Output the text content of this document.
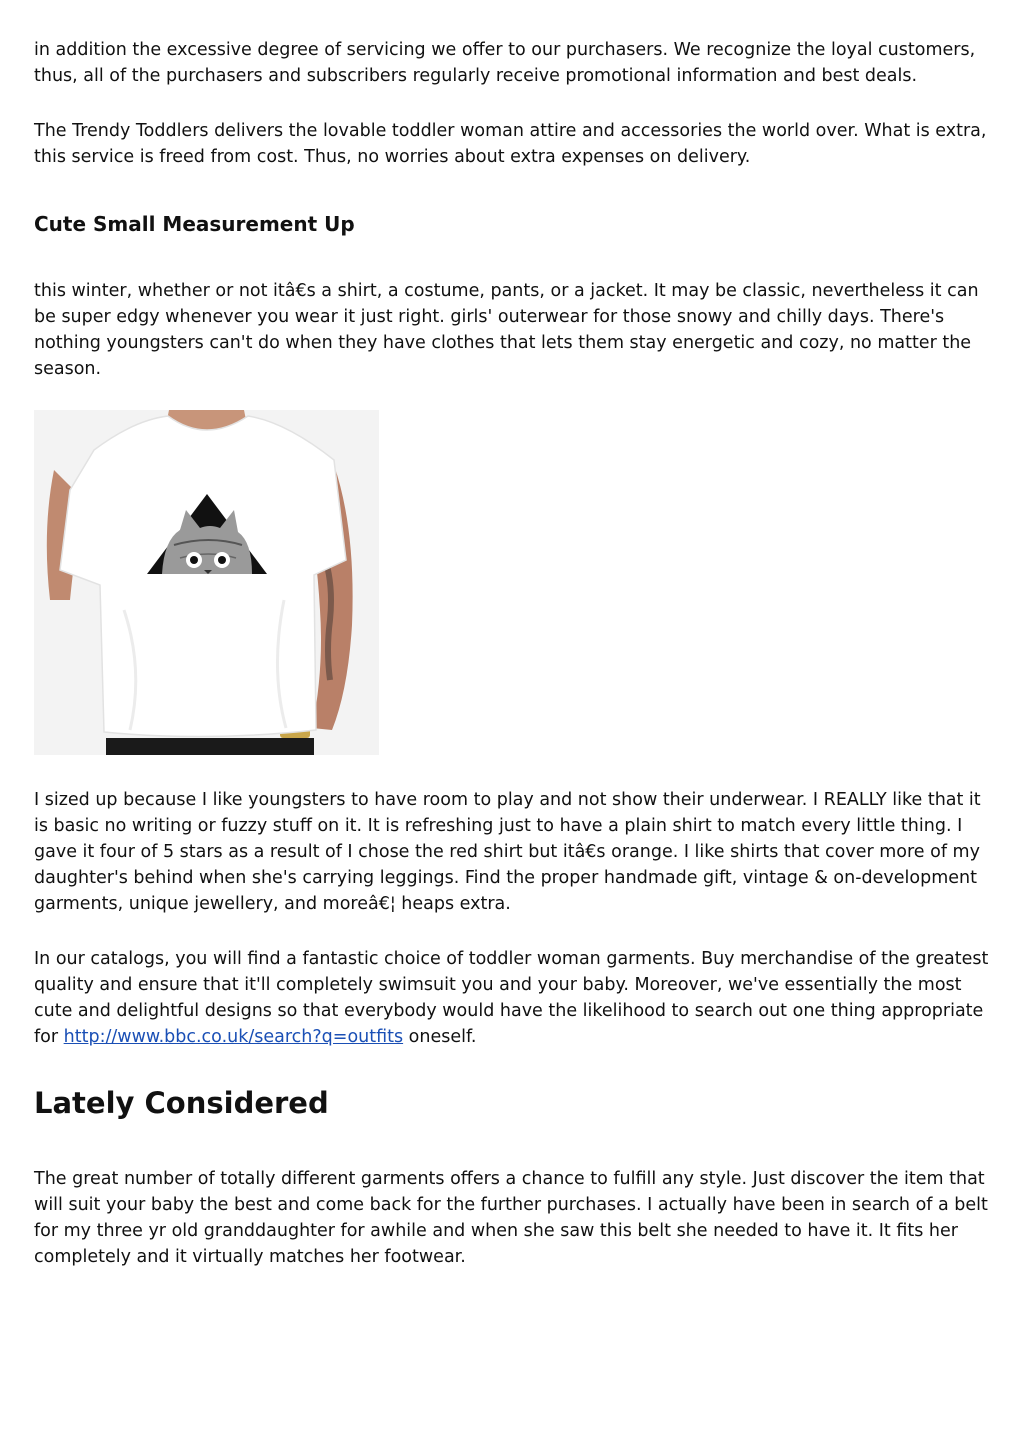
in addition the excessive degree of servicing we offer to our purchasers. We recognize the loyal customers, thus, all of the purchasers and subscribers regularly receive promotional information and best deals.

The Trendy Toddlers delivers the lovable toddler woman attire and accessories the world over. What is extra, this service is freed from cost. Thus, no worries about extra expenses on delivery.

Cute Small Measurement Up

this winter, whether or not itâ€s a shirt, a costume, pants, or a jacket. It may be classic, nevertheless it can be super edgy whenever you wear it just right. girls' outerwear for those snowy and chilly days. There's nothing youngsters can't do when they have clothes that lets them stay energetic and cozy, no matter the season.

I sized up because I like youngsters to have room to play and not show their underwear. I REALLY like that it is basic no writing or fuzzy stuff on it. It is refreshing just to have a plain shirt to match every little thing. I gave it four of 5 stars as a result of I chose the red shirt but itâ€s orange. I like shirts that cover more of my daughter's behind when she's carrying leggings. Find the proper handmade gift, vintage & on-development garments, unique jewellery, and moreâ€¦ heaps extra.

In our catalogs, you will find a fantastic choice of toddler woman garments. Buy merchandise of the greatest quality and ensure that it'll completely swimsuit you and your baby. Moreover, we've essentially the most cute and delightful designs so that everybody would have the likelihood to search out one thing appropriate for http://www.bbc.co.uk/search?q=outfits oneself.

Lately Considered

The great number of totally different garments offers a chance to fulfill any style. Just discover the item that will suit your baby the best and come back for the further purchases. I actually have been in search of a belt for my three yr old granddaughter for awhile and when she saw this belt she needed to have it. It fits her completely and it virtually matches her footwear.
